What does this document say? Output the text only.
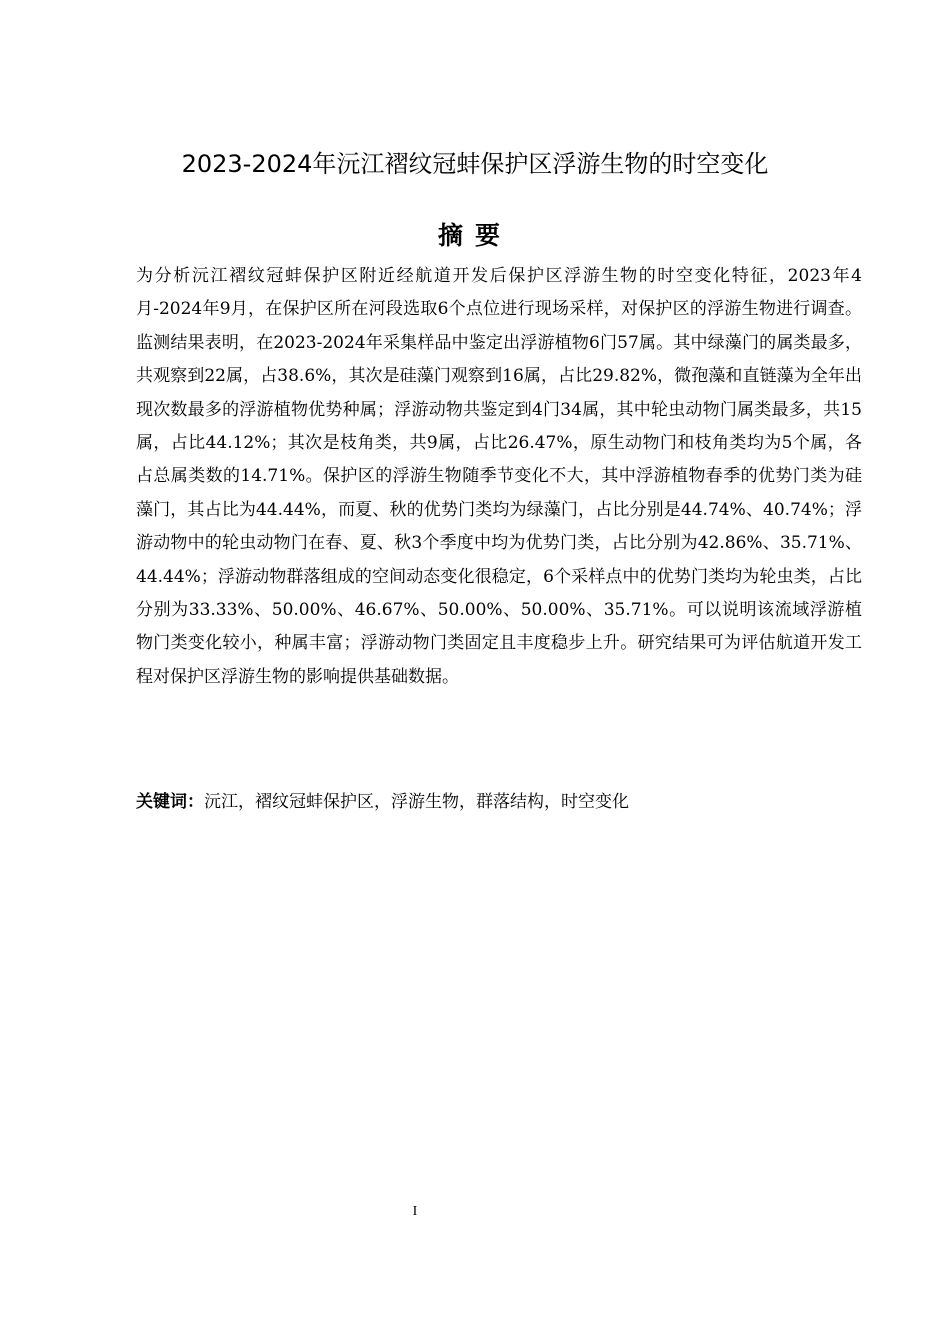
2023-2024年沅江褶纹冠蚌保护区浮游生物的时空变化
摘要

为分析沅江褶纹冠蚌保护区附近经航道开发后保护区浮游生物的时空变化特征，2023年4月-2024年9月，在保护区所在河段选取6个点位进行现场采样，对保护区的浮游生物进行调查。监测结果表明，在2023-2024年采集样品中鉴定出浮游植物6门57属。其中绿藻门的属类最多，共观察到22属，占38.6%，其次是硅藻门观察到16属，占比29.82%，微孢藻和直链藻为全年出现次数最多的浮游植物优势种属；浮游动物共鉴定到4门34属，其中轮虫动物门属类最多，共15属，占比44.12%；其次是枝角类，共9属，占比26.47%，原生动物门和枝角类均为5个属，各占总属类数的14.71%。保护区的浮游生物随季节变化不大，其中浮游植物春季的优势门类为硅藻门，其占比为44.44%，而夏、秋的优势门类均为绿藻门，占比分别是44.74%、40.74%；浮游动物中的轮虫动物门在春、夏、秋3个季度中均为优势门类，占比分别为42.86%、35.71%、44.44%；浮游动物群落组成的空间动态变化很稳定，6个采样点中的优势门类均为轮虫类，占比分别为33.33%、50.00%、46.67%、50.00%、50.00%、35.71%。可以说明该流域浮游植物门类变化较小，种属丰富；浮游动物门类固定且丰度稳步上升。研究结果可为评估航道开发工程对保护区浮游生物的影响提供基础数据。

关键词：沅江，褶纹冠蚌保护区，浮游生物，群落结构，时空变化

I
